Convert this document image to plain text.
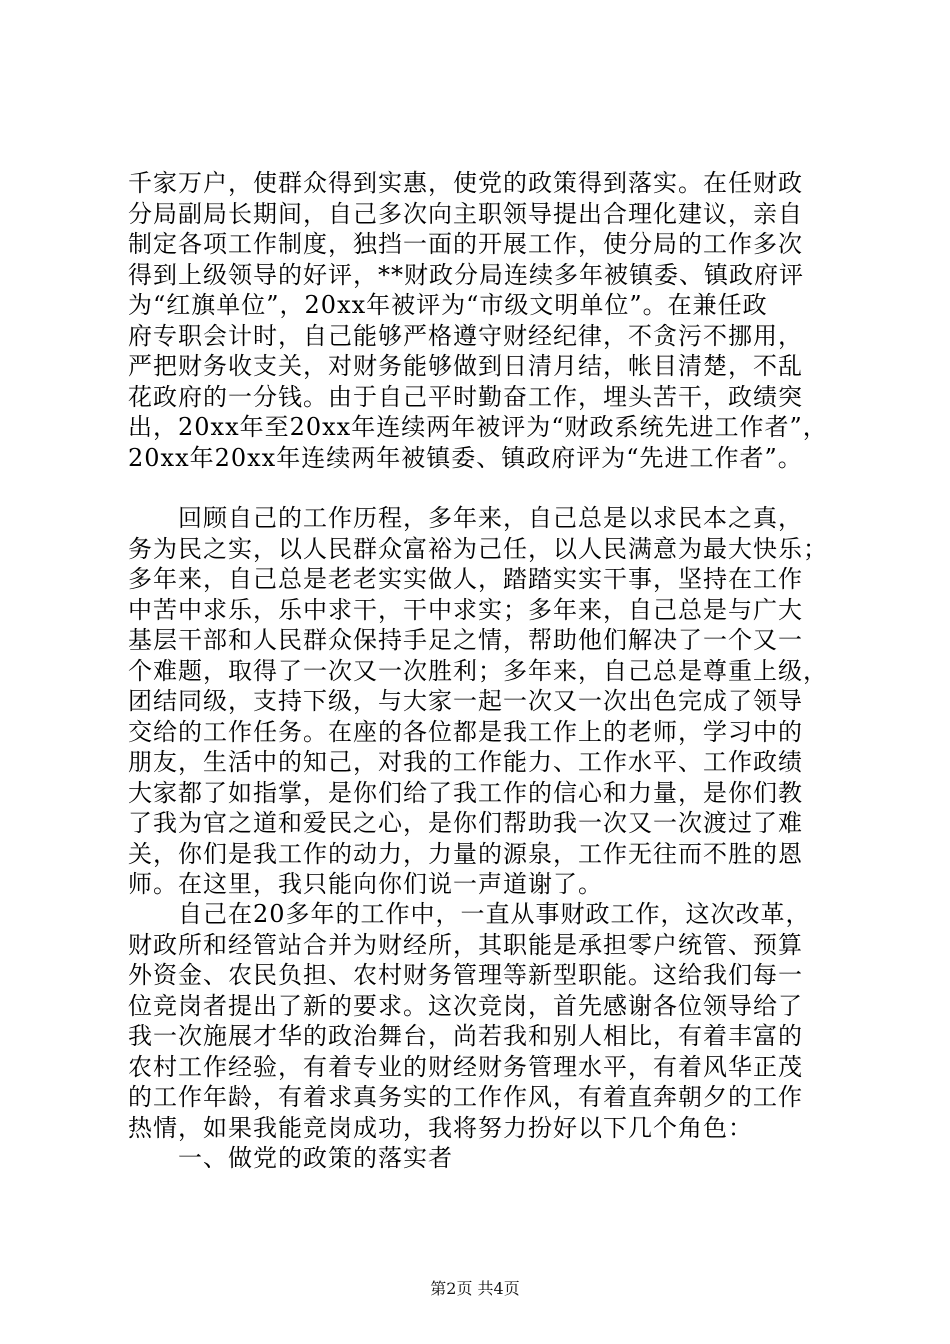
千家万户，使群众得到实惠，使党的政策得到落实。在任财政
分局副局长期间，自己多次向主职领导提出合理化建议，亲自
制定各项工作制度，独挡一面的开展工作，使分局的工作多次
得到上级领导的好评，**财政分局连续多年被镇委、镇政府评
为“红旗单位”，20xx年被评为“市级文明单位”。在兼任政
府专职会计时，自己能够严格遵守财经纪律，不贪污不挪用，
严把财务收支关，对财务能够做到日清月结，帐目清楚，不乱
花政府的一分钱。由于自己平时勤奋工作，埋头苦干，政绩突
出，20xx年至20xx年连续两年被评为“财政系统先进工作者”，
20xx年20xx年连续两年被镇委、镇政府评为“先进工作者”。
　　回顾自己的工作历程，多年来，自己总是以求民本之真，
务为民之实，以人民群众富裕为己任，以人民满意为最大快乐；
多年来，自己总是老老实实做人，踏踏实实干事，坚持在工作
中苦中求乐，乐中求干，干中求实；多年来，自己总是与广大
基层干部和人民群众保持手足之情，帮助他们解决了一个又一
个难题，取得了一次又一次胜利；多年来，自己总是尊重上级，
团结同级，支持下级，与大家一起一次又一次出色完成了领导
交给的工作任务。在座的各位都是我工作上的老师，学习中的
朋友，生活中的知己，对我的工作能力、工作水平、工作政绩
大家都了如指掌，是你们给了我工作的信心和力量，是你们教
了我为官之道和爱民之心，是你们帮助我一次又一次渡过了难
关，你们是我工作的动力，力量的源泉，工作无往而不胜的恩
师。在这里，我只能向你们说一声道谢了。
　　自己在20多年的工作中，一直从事财政工作，这次改革，
财政所和经管站合并为财经所，其职能是承担零户统管、预算
外资金、农民负担、农村财务管理等新型职能。这给我们每一
位竞岗者提出了新的要求。这次竞岗，首先感谢各位领导给了
我一次施展才华的政治舞台，尚若我和别人相比，有着丰富的
农村工作经验，有着专业的财经财务管理水平，有着风华正茂
的工作年龄，有着求真务实的工作作风，有着直奔朝夕的工作
热情，如果我能竞岗成功，我将努力扮好以下几个角色：
　　一、做党的政策的落实者
第2页 共4页
